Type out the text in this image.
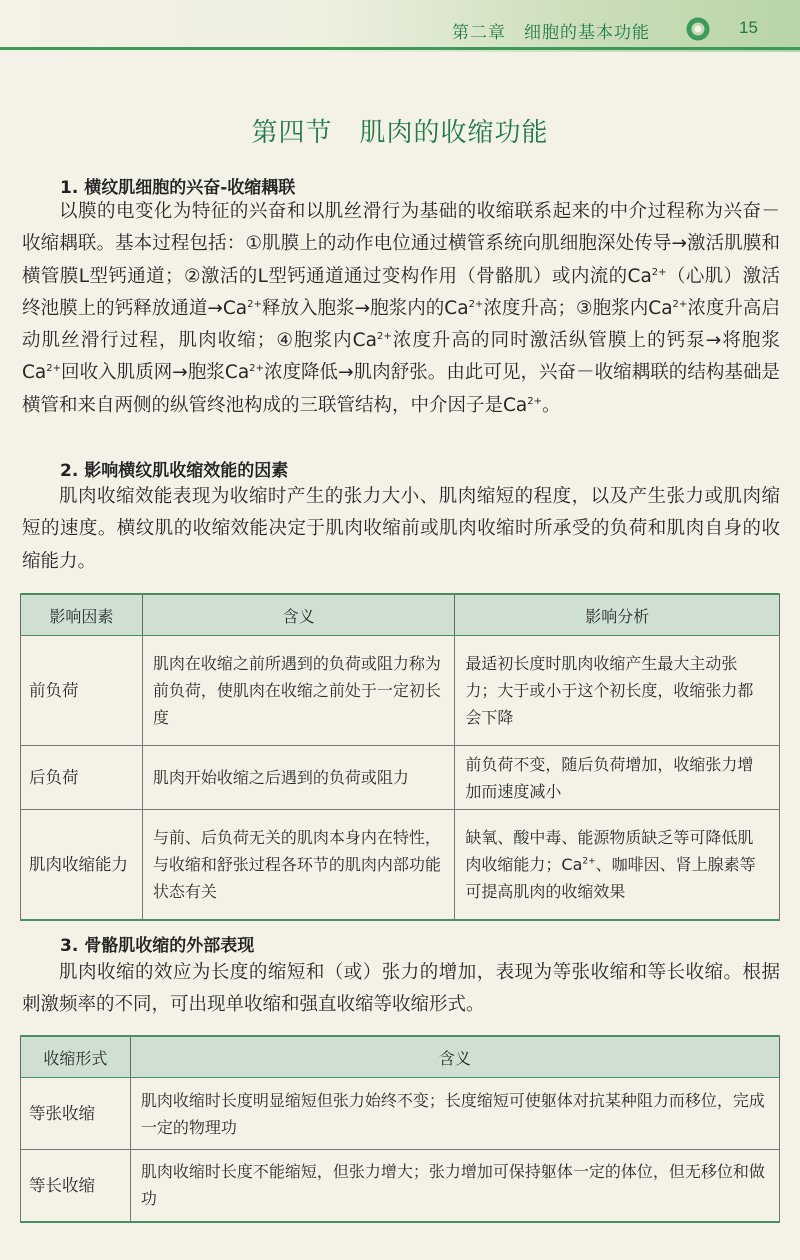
第二章　细胞的基本功能	15
第四节　肌肉的收缩功能
1. 横纹肌细胞的兴奋-收缩耦联
以膜的电变化为特征的兴奋和以肌丝滑行为基础的收缩联系起来的中介过程称为兴奋－收缩耦联。基本过程包括：①肌膜上的动作电位通过横管系统向肌细胞深处传导→激活肌膜和横管膜L型钙通道；②激活的L型钙通道通过变构作用（骨骼肌）或内流的$Ca^{2+}$（心肌）激活终池膜上的钙释放通道$\to Ca^{2+}$释放入胞浆→胞浆内的$Ca^{2+}$浓度升高；③胞浆内$Ca^{2+}$浓度升高启动肌丝滑行过程，肌肉收缩；④胞浆内$Ca^{2+}$浓度升高的同时激活纵管膜上的钙泵→将胞浆$Ca^{2+}$回收入肌质网→胞浆$Ca^{2+}$浓度降低→肌肉舒张。由此可见，兴奋－收缩耦联的结构基础是横管和来自两侧的纵管终池构成的三联管结构，中介因子是$Ca^{2+}$。
2. 影响横纹肌收缩效能的因素
肌肉收缩效能表现为收缩时产生的张力大小、肌肉缩短的程度，以及产生张力或肌肉缩短的速度。横纹肌的收缩效能决定于肌肉收缩前或肌肉收缩时所承受的负荷和肌肉自身的收缩能力。
影响因素	含义	影响分析
前负荷	肌肉在收缩之前所遇到的负荷或阻力称为前负荷，使肌肉在收缩之前处于一定初长度	最适初长度时肌肉收缩产生最大主动张力；大于或小于这个初长度，收缩张力都会下降
后负荷	肌肉开始收缩之后遇到的负荷或阻力	前负荷不变，随后负荷增加，收缩张力增加而速度减小
肌肉收缩能力	与前、后负荷无关的肌肉本身内在特性，与收缩和舒张过程各环节的肌肉内部功能状态有关	缺氧、酸中毒、能源物质缺乏等可降低肌肉收缩能力；$Ca^{2+}$、咖啡因、肾上腺素等可提高肌肉的收缩效果
3. 骨骼肌收缩的外部表现
肌肉收缩的效应为长度的缩短和（或）张力的增加，表现为等张收缩和等长收缩。根据刺激频率的不同，可出现单收缩和强直收缩等收缩形式。
收缩形式	含义
等张收缩	肌肉收缩时长度明显缩短但张力始终不变；长度缩短可使躯体对抗某种阻力而移位，完成一定的物理功
等长收缩	肌肉收缩时长度不能缩短，但张力增大；张力增加可保持躯体一定的体位，但无移位和做功
